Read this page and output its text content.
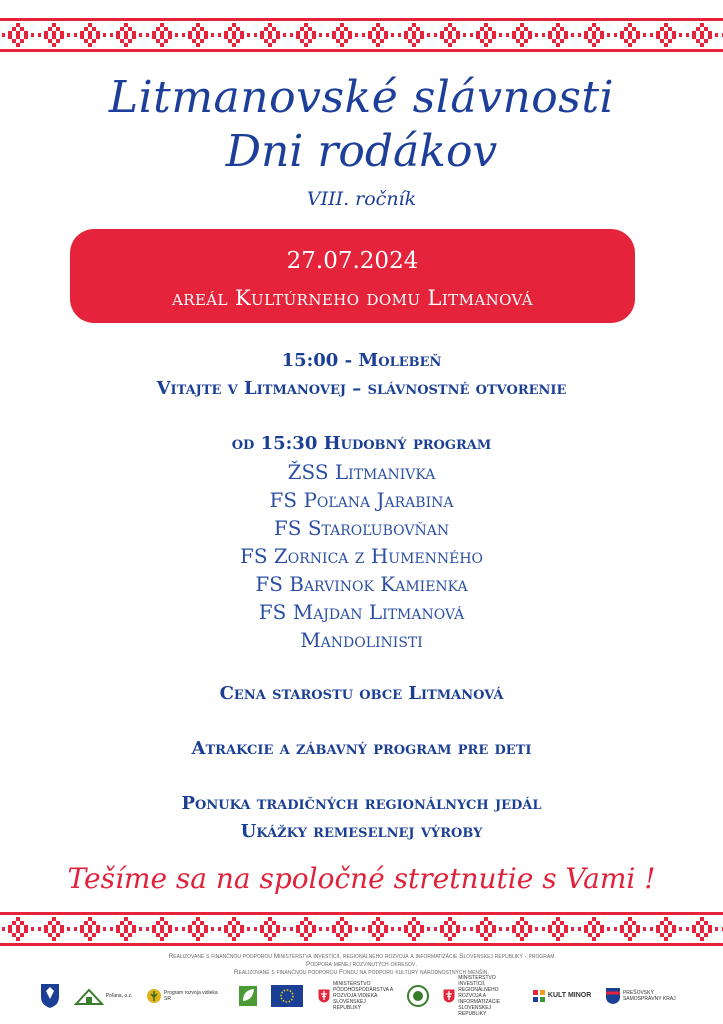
Litmanovské slávnosti
Dni rodákov
VIII. ročník
27.07.2024
areál Kultúrneho domu Litmanová
15:00 - Molebeň
Vitajte v Litmanovej – slávnostné otvorenie
od 15:30 Hudobný program
ŽSS Litmanivka
FS Poľana Jarabina
FS Staroľubovňan
FS Zornica z Humenného
FS Barvinok Kamienka
FS Majdan Litmanová
Mandolinisti
Cena starostu obce Litmanová
Atrakcie a zábavný program pre deti
Ponuka tradičných regionálnych jedál
Ukážky remeselnej výroby
Tešíme sa na spoločné stretnutie s Vami !
Realizované s finančnou podporou Ministerstva investícií, regionálneho rozvoja a informatizácie Slovenskej republiky - program
Podpora menej rozvinutých okresov.
Realizované s finančnou podporou Fondu na podporu kultúry národnostných menšín.
Poľana, o.z.	Program rozvoja vidieka SR
MINISTERSTVO PÔDOHOSPODÁRSTVA A ROZVOJA VIDIEKA SLOVENSKEJ REPUBLIKY
MINISTERSTVO INVESTÍCIÍ, REGIONÁLNEHO ROZVOJA A INFORMATIZÁCIE SLOVENSKEJ REPUBLIKY
KULT MINOR	PREŠOVSKÝ SAMOSPRÁVNY KRAJ
